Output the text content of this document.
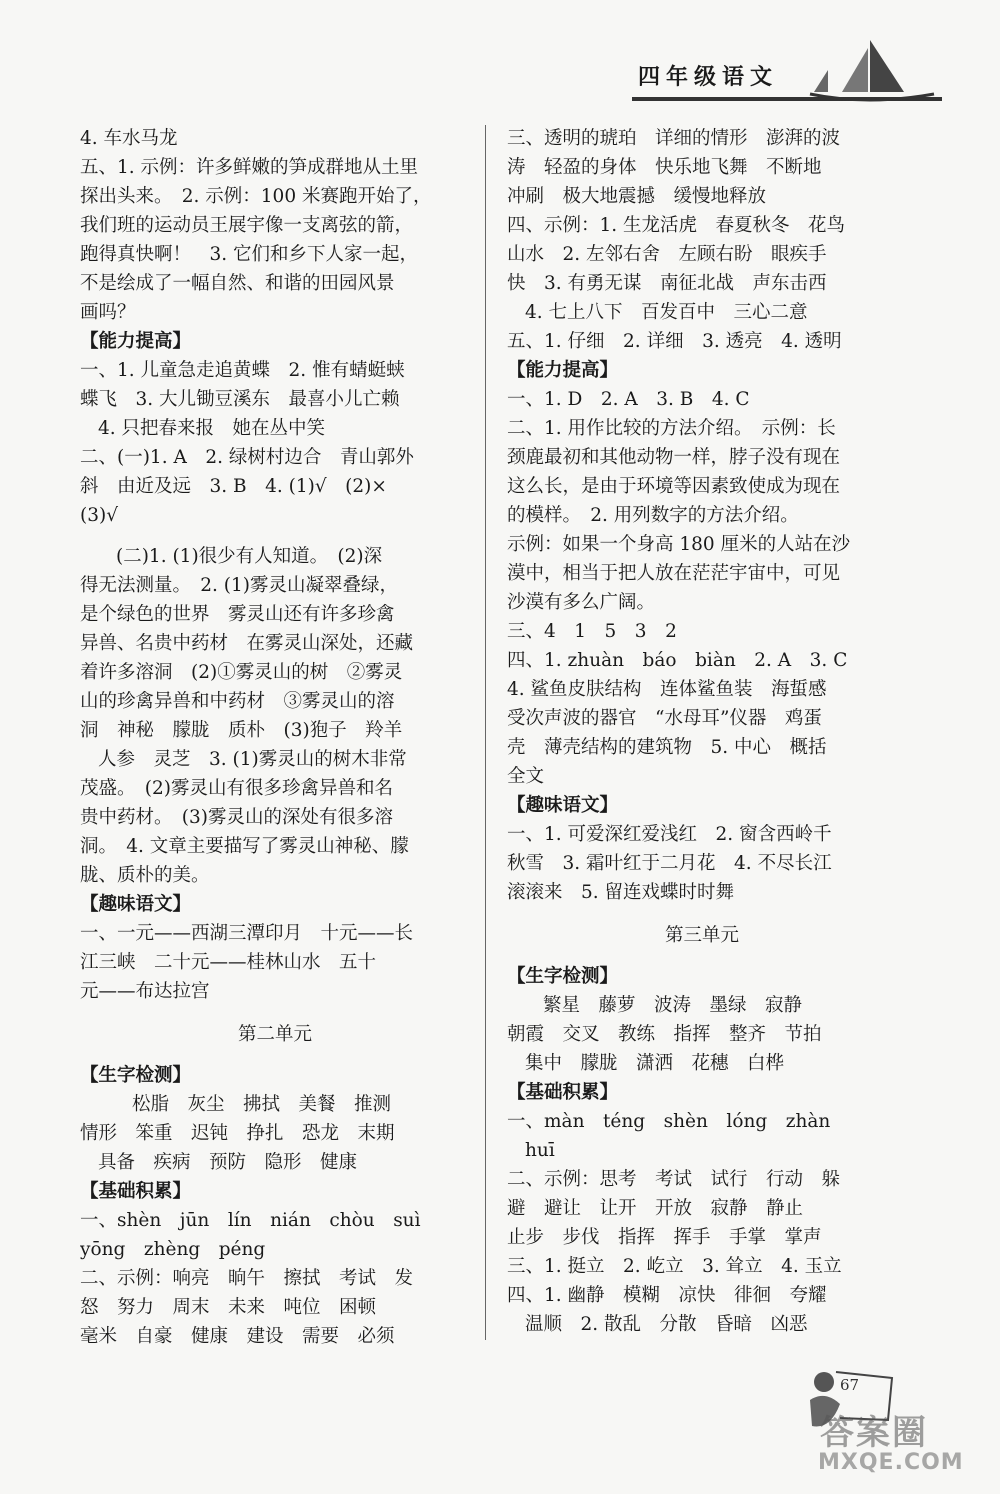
四年级语文
4. 车水马龙
五、1. 示例：许多鲜嫩的笋成群地从土里
探出头来。　2. 示例：100 米赛跑开始了，
我们班的运动员王展宇像一支离弦的箭，
跑得真快啊！　3. 它们和乡下人家一起，
不是绘成了一幅自然、和谐的田园风景
画吗？
【能力提高】
一、1. 儿童急走追黄蝶　2. 惟有蜻蜓蛱
蝶飞　3. 大儿锄豆溪东　最喜小儿亡赖
4. 只把春来报　她在丛中笑
二、(一)1. A　2. 绿树村边合　青山郭外
斜　由近及远　3. B　4. (1)√　(2)×
(3)√
(二)1. (1)很少有人知道。　(2)深
得无法测量。　2. (1)雾灵山凝翠叠绿，
是个绿色的世界　雾灵山还有许多珍禽
异兽、名贵中药材　在雾灵山深处，还藏
着许多溶洞　(2)①雾灵山的树　②雾灵
山的珍禽异兽和中药材　③雾灵山的溶
洞　神秘　朦胧　质朴　(3)狍子　羚羊
人参　灵芝　3. (1)雾灵山的树木非常
茂盛。　(2)雾灵山有很多珍禽异兽和名
贵中药材。　(3)雾灵山的深处有很多溶
洞。　4. 文章主要描写了雾灵山神秘、朦
胧、质朴的美。
【趣味语文】
一、一元——西湖三潭印月　十元——长
江三峡　二十元——桂林山水　五十
元——布达拉宫
第二单元
【生字检测】
松脂　灰尘　拂拭　美餐　推测
情形　笨重　迟钝　挣扎　恐龙　末期
具备　疾病　预防　隐形　健康
【基础积累】
一、shèn　jūn　lín　nián　chòu　suì
yōng　zhèng　péng
二、示例：响亮　晌午　擦拭　考试　发
怒　努力　周末　未来　吨位　困顿
毫米　自豪　健康　建设　需要　必须
三、透明的琥珀　详细的情形　澎湃的波
涛　轻盈的身体　快乐地飞舞　不断地
冲刷　极大地震撼　缓慢地释放
四、示例：1. 生龙活虎　春夏秋冬　花鸟
山水　2. 左邻右舍　左顾右盼　眼疾手
快　3. 有勇无谋　南征北战　声东击西
4. 七上八下　百发百中　三心二意
五、1. 仔细　2. 详细　3. 透亮　4. 透明
【能力提高】
一、1. D　2. A　3. B　4. C
二、1. 用作比较的方法介绍。　示例：长
颈鹿最初和其他动物一样，脖子没有现在
这么长，是由于环境等因素致使成为现在
的模样。　2. 用列数字的方法介绍。
示例：如果一个身高 180 厘米的人站在沙
漠中，相当于把人放在茫茫宇宙中，可见
沙漠有多么广阔。
三、4　1　5　3　2
四、1. zhuàn　báo　biàn　2. A　3. C
4. 鲨鱼皮肤结构　连体鲨鱼装　海蜇感
受次声波的器官　“水母耳”仪器　鸡蛋
壳　薄壳结构的建筑物　5. 中心　概括
全文
【趣味语文】
一、1. 可爱深红爱浅红　2. 窗含西岭千
秋雪　3. 霜叶红于二月花　4. 不尽长江
滚滚来　5. 留连戏蝶时时舞
第三单元
【生字检测】
繁星　藤萝　波涛　墨绿　寂静
朝霞　交叉　教练　指挥　整齐　节拍
集中　朦胧　潇洒　花穗　白桦
【基础积累】
一、màn　téng　shèn　lóng　zhàn
huī
二、示例：思考　考试　试行　行动　躲
避　避让　让开　开放　寂静　静止
止步　步伐　指挥　挥手　手掌　掌声
三、1. 挺立　2. 屹立　3. 耸立　4. 玉立
四、1. 幽静　模糊　凉快　徘徊　夸耀
温顺　2. 散乱　分散　昏暗　凶恶
67
答案圈
MXQE.COM
